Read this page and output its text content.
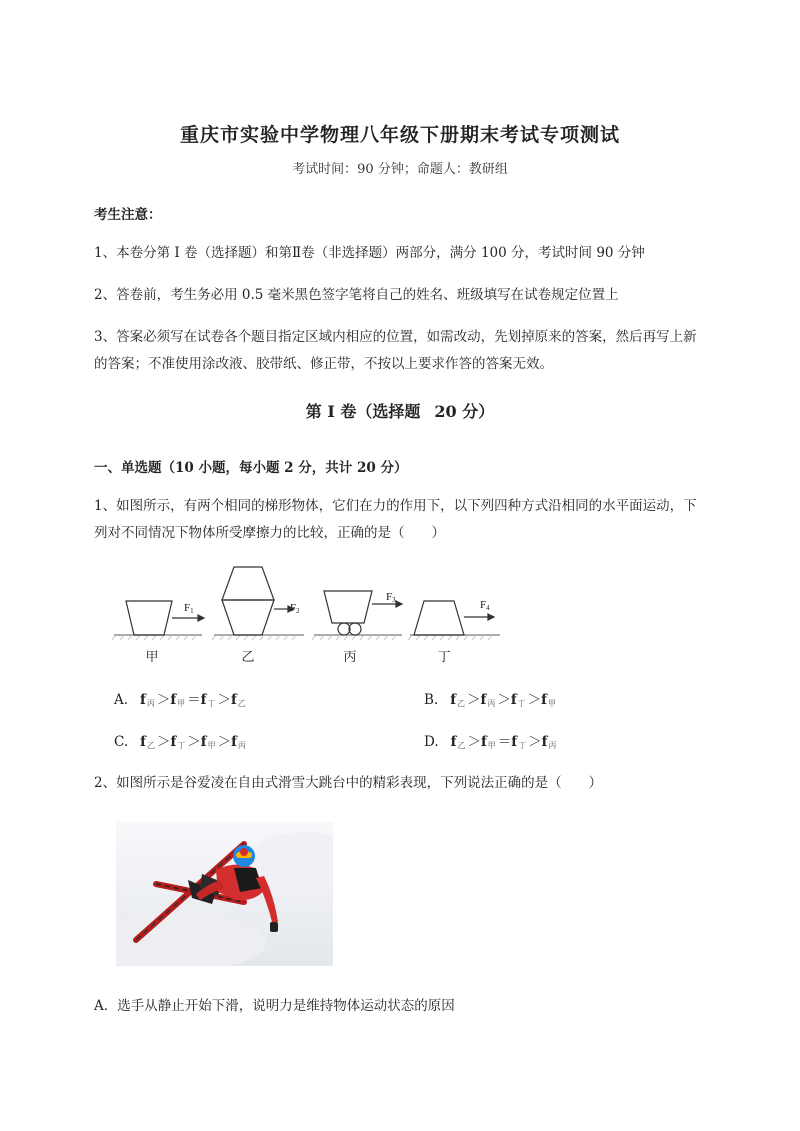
重庆市实验中学物理八年级下册期末考试专项测试
考试时间：90 分钟；命题人：教研组
考生注意：
1、本卷分第 I 卷（选择题）和第Ⅱ卷（非选择题）两部分，满分 100 分，考试时间 90 分钟
2、答卷前，考生务必用 0.5 毫米黑色签字笔将自己的姓名、班级填写在试卷规定位置上
3、答案必须写在试卷各个题目指定区域内相应的位置，如需改动，先划掉原来的答案，然后再写上新
的答案；不准使用涂改液、胶带纸、修正带，不按以上要求作答的答案无效。
第 I 卷（选择题 20 分）
一、单选题（10 小题，每小题 2 分，共计 20 分）
1、如图所示，有两个相同的梯形物体，它们在力的作用下，以下列四种方式沿相同的水平面运动，下
列对不同情况下物体所受摩擦力的比较，正确的是（　　）
F1	F2
F3	F4
甲	乙	丙	丁
A. $f_丙 >f_甲 =f_丁 >f_乙$	B. $f_乙 >f_丙 >f_丁 >f_甲$
C. $f_乙 >f_丁 >f_甲 >f_丙$	D. $f_乙 >f_甲 =f_丁 >f_丙$
2、如图所示是谷爱凌在自由式滑雪大跳台中的精彩表现，下列说法正确的是（　　）
A．选手从静止开始下滑，说明力是维持物体运动状态的原因
